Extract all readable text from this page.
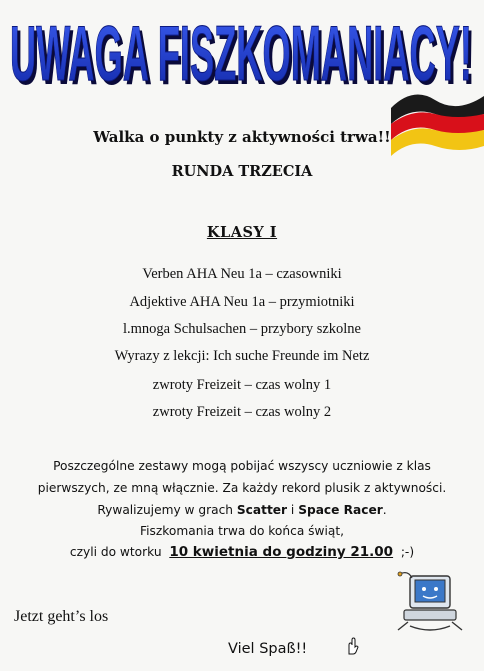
UWAGA FISZKOMANIACY!
UWAGA FISZKOMANIACY!
Walka o punkty z aktywności trwa!!
RUNDA TRZECIA
KLASY I
Verben AHA Neu 1a – czasowniki
Adjektive AHA Neu 1a – przymiotniki
l.mnoga Schulsachen – przybory szkolne
Wyrazy z lekcji: Ich suche Freunde im Netz
zwroty Freizeit – czas wolny 1
zwroty Freizeit – czas wolny 2
Poszczególne zestawy mogą pobijać wszyscy uczniowie z klas
pierwszych, ze mną włącznie. Za każdy rekord plusik z aktywności.
Rywalizujemy w grach Scatter i Space Racer.
Fiszkomania trwa do końca świąt,
czyli do wtorku  10 kwietnia do godziny 21.00  ;-)
Jetzt geht’s los
Viel Spaß!!
